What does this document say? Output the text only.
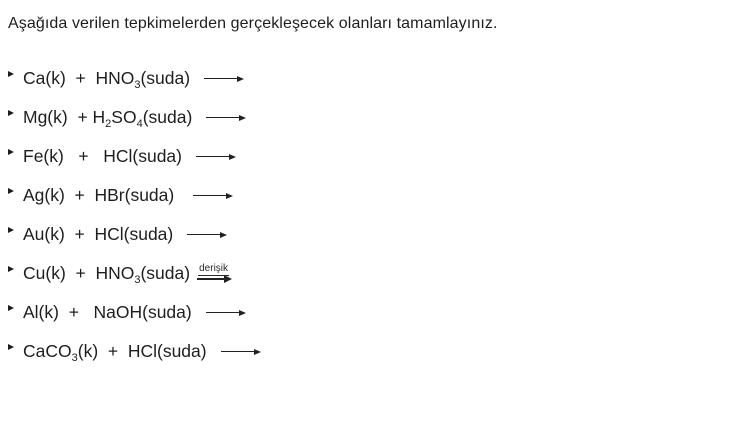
Aşağıda verilen tepkimelerden gerçekleşecek olanları tamamlayınız.
$Ca(k) + HNO_3(suda)$
$Mg(k) + H_2SO_4(suda)$
Fe(k)   +   HCl(suda)
Ag(k)  +  HBr(suda)
Au(k)  +  HCl(suda)
$Cu(k) + HNO_3(suda)$ derişik
Al(k)  +   NaOH(suda)
CaCO$_3$(k)  +  HCl(suda)
